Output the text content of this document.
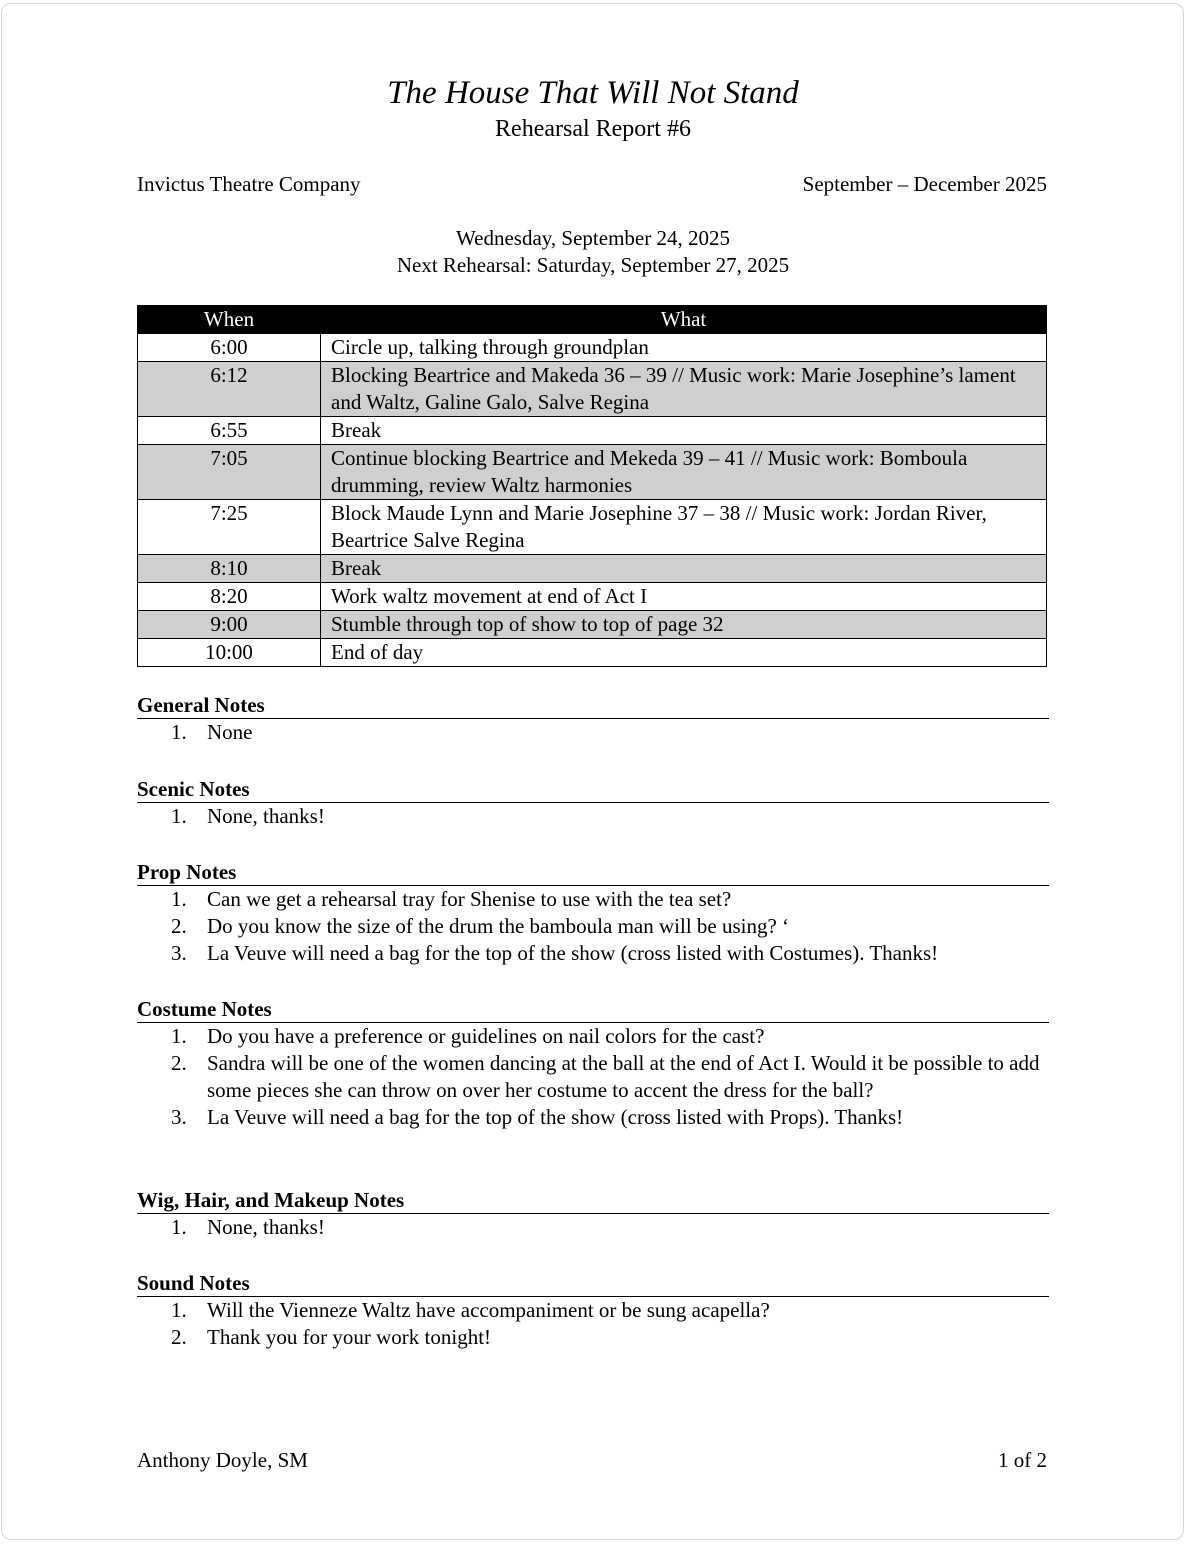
The House That Will Not Stand
Rehearsal Report #6
Invictus Theatre Company	September – December 2025
Wednesday, September 24, 2025
Next Rehearsal: Saturday, September 27, 2025
When	What
6:00	Circle up, talking through groundplan
6:12	Blocking Beartrice and Makeda 36 – 39 // Music work: Marie Josephine’s lament and Waltz, Galine Galo, Salve Regina
6:55	Break
7:05	Continue blocking Beartrice and Mekeda 39 – 41 // Music work: Bomboula drumming, review Waltz harmonies
7:25	Block Maude Lynn and Marie Josephine 37 – 38 // Music work: Jordan River, Beartrice Salve Regina
8:10	Break
8:20	Work waltz movement at end of Act I
9:00	Stumble through top of show to top of page 32
10:00	End of day
General Notes
1. None
Scenic Notes
1. None, thanks!
Prop Notes
1. Can we get a rehearsal tray for Shenise to use with the tea set?
2. Do you know the size of the drum the bamboula man will be using? ‘
3. La Veuve will need a bag for the top of the show (cross listed with Costumes). Thanks!
Costume Notes
1. Do you have a preference or guidelines on nail colors for the cast?
2. Sandra will be one of the women dancing at the ball at the end of Act I. Would it be possible to add some pieces she can throw on over her costume to accent the dress for the ball?
3. La Veuve will need a bag for the top of the show (cross listed with Props). Thanks!
Wig, Hair, and Makeup Notes
1. None, thanks!
Sound Notes
1. Will the Vienneze Waltz have accompaniment or be sung acapella?
2. Thank you for your work tonight!
Anthony Doyle, SM	1 of 2
